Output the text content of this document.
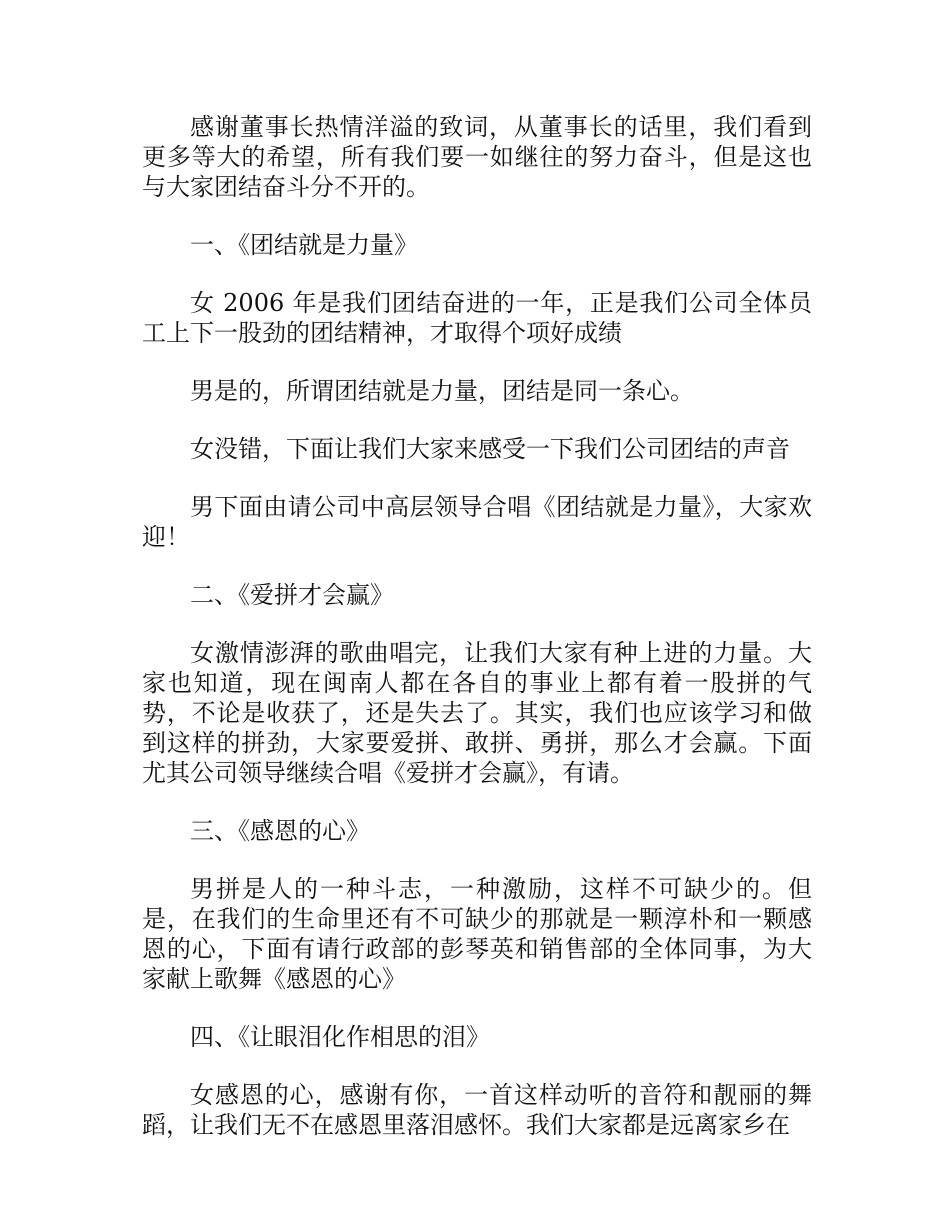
感谢董事长热情洋溢的致词，从董事长的话里，我们看到更多等大的希望，所有我们要一如继往的努力奋斗，但是这也与大家团结奋斗分不开的。

一、《团结就是力量》

女 2006 年是我们团结奋进的一年，正是我们公司全体员工上下一股劲的团结精神，才取得个项好成绩

男是的，所谓团结就是力量，团结是同一条心。

女没错，下面让我们大家来感受一下我们公司团结的声音

男下面由请公司中高层领导合唱《团结就是力量》，大家欢迎！

二、《爱拼才会赢》

女激情澎湃的歌曲唱完，让我们大家有种上进的力量。大家也知道，现在闽南人都在各自的事业上都有着一股拼的气势，不论是收获了，还是失去了。其实，我们也应该学习和做到这样的拼劲，大家要爱拼、敢拼、勇拼，那么才会赢。下面尤其公司领导继续合唱《爱拼才会赢》，有请。

三、《感恩的心》

男拼是人的一种斗志，一种激励，这样不可缺少的。但是，在我们的生命里还有不可缺少的那就是一颗淳朴和一颗感恩的心，下面有请行政部的彭琴英和销售部的全体同事，为大家献上歌舞《感恩的心》

四、《让眼泪化作相思的泪》

女感恩的心，感谢有你，一首这样动听的音符和靓丽的舞蹈，让我们无不在感恩里落泪感怀。我们大家都是远离家乡在
